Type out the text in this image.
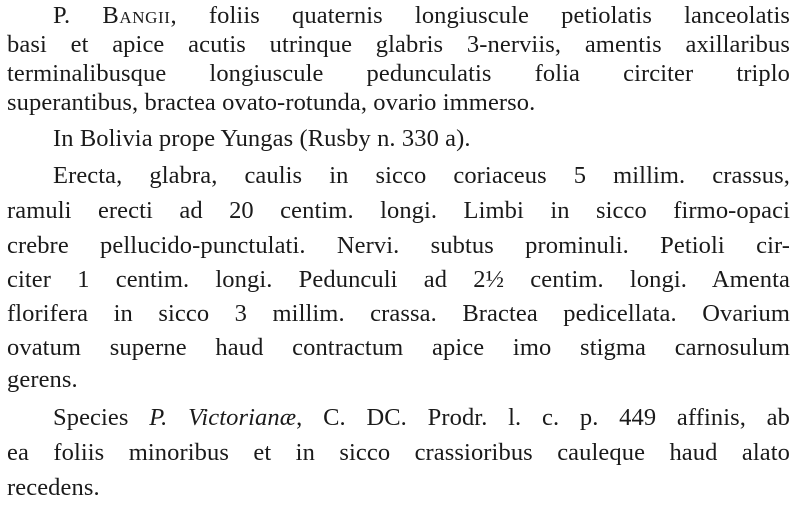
P. Bangii, foliis quaternis longiuscule petiolatis lanceolatis
basi et apice acutis utrinque glabris 3-nerviis, amentis axillaribus
terminalibusque longiuscule pedunculatis folia circiter triplo
superantibus, bractea ovato-rotunda, ovario immerso.
In Bolivia prope Yungas (Rusby n. 330 a).
Erecta, glabra, caulis in sicco coriaceus 5 millim. crassus,
ramuli erecti ad 20 centim. longi. Limbi in sicco firmo-opaci
crebre pellucido-punctulati. Nervi. subtus prominuli. Petioli cir-
citer 1 centim. longi. Pedunculi ad 2½ centim. longi. Amenta
florifera in sicco 3 millim. crassa. Bractea pedicellata. Ovarium
ovatum superne haud contractum apice imo stigma carnosulum
gerens.
Species P. Victorianæ, C. DC. Prodr. l. c. p. 449 affinis, ab
ea foliis minoribus et in sicco crassioribus cauleque haud alato
recedens.
